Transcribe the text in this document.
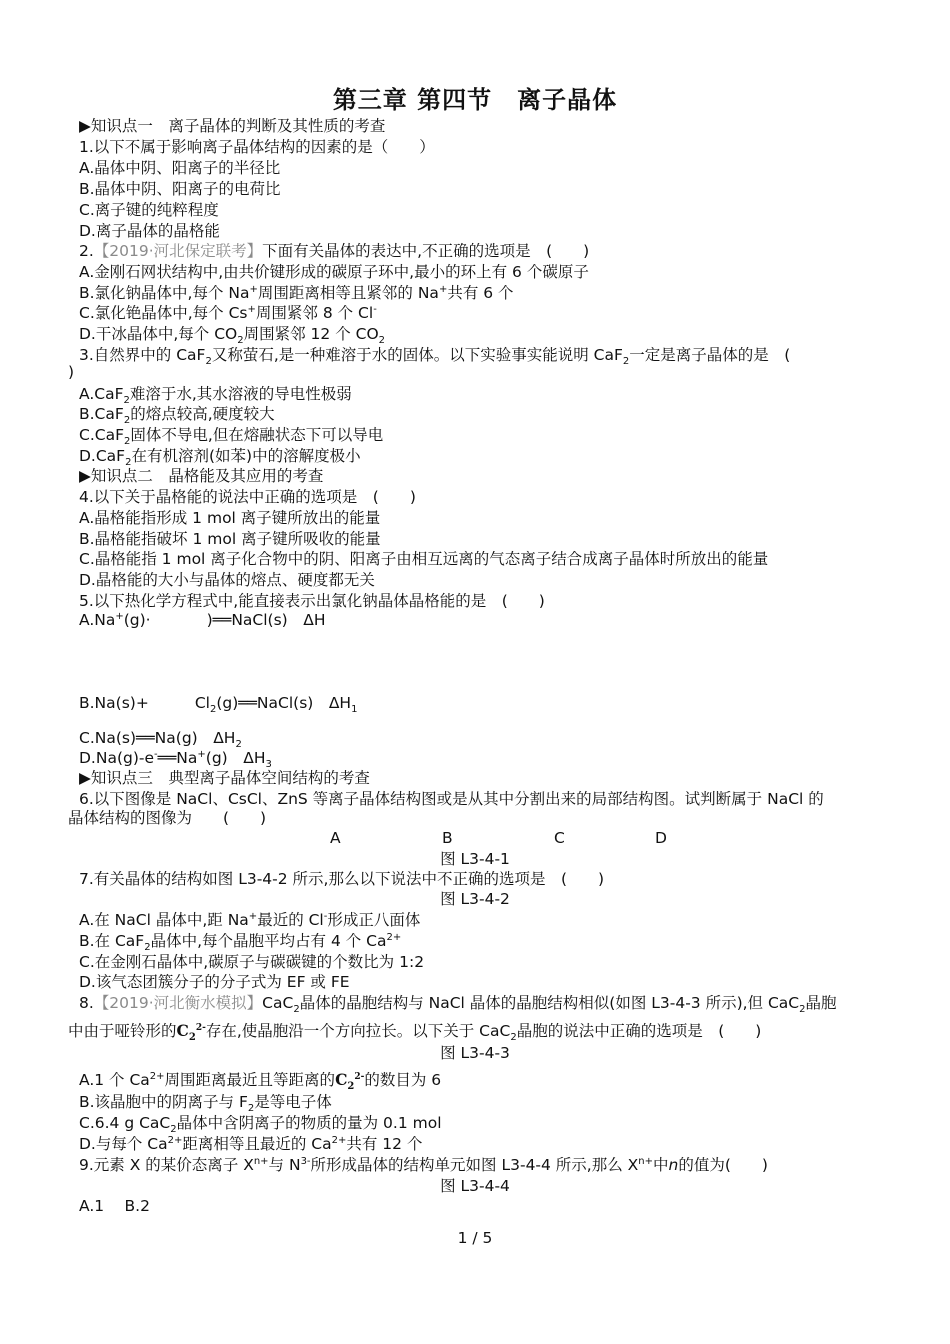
第三章 第四节　离子晶体
▶知识点一　离子晶体的判断及其性质的考查
1.以下不属于影响离子晶体结构的因素的是（　　）
A.晶体中阴、阳离子的半径比
B.晶体中阴、阳离子的电荷比
C.离子键的纯粹程度
D.离子晶体的晶格能
2.【2019·河北保定联考】下面有关晶体的表达中,不正确的选项是　(　　)
A.金刚石网状结构中,由共价键形成的碳原子环中,最小的环上有 6 个碳原子
B.氯化钠晶体中,每个 Na+周围距离相等且紧邻的 Na+共有 6 个
C.氯化铯晶体中,每个 Cs+周围紧邻 8 个 Cl-
D.干冰晶体中,每个 $CO_2$周围紧邻 12 个 $CO_2$
3.自然界中的 CaF$_2$又称萤石,是一种难溶于水的固体。以下实验事实能说明 CaF$_2$一定是离子晶体的是　(
)
A.CaF$_2$难溶于水,其水溶液的导电性极弱
B.CaF$_2$的熔点较高,硬度较大
C.CaF$_2$固体不导电,但在熔融状态下可以导电
D.CaF$_2$在有机溶剂(如苯)中的溶解度极小
▶知识点二　晶格能及其应用的考查
4.以下关于晶格能的说法中正确的选项是　(　　)
A.晶格能指形成 1 mol 离子键所放出的能量
B.晶格能指破坏 1 mol 离子键所吸收的能量
C.晶格能指 1 mol 离子化合物中的阴、阳离子由相互远离的气态离子结合成离子晶体时所放出的能量
D.晶格能的大小与晶体的熔点、硬度都无关
5.以下热化学方程式中,能直接表示出氯化钠晶体晶格能的是　(　　)
A.Na+(g)·	)══NaCl(s)　ΔH
B.Na(s)+	$Cl_2(g)══NaCl(s)$　$\Delta H_1$
C.Na(s)══Na(g)　$\Delta H_2$
D.Na(g)-e-══Na+(g)　$\Delta H_3$
▶知识点三　典型离子晶体空间结构的考查
6.以下图像是 NaCl、CsCl、ZnS 等离子晶体结构图或是从其中分割出来的局部结构图。试判断属于 NaCl 的
晶体结构的图像为　　(　　)
A	B	C	D
图 L3-4-1
7.有关晶体的结构如图 L3-4-2 所示,那么以下说法中不正确的选项是　(　　)
图 L3-4-2
A.在 NaCl 晶体中,距 Na+最近的 Cl-形成正八面体
B.在 CaF$_2$晶体中,每个晶胞平均占有 4 个 $Ca^{2+}$
C.在金刚石晶体中,碳原子与碳碳键的个数比为 1:2
D.该气态团簇分子的分子式为 EF 或 FE
8.【2019·河北衡水模拟】CaC$_2$晶体的晶胞结构与 NaCl 晶体的晶胞结构相似(如图 L3-4-3 所示),但 CaC$_2$晶胞
中由于哑铃形的$C_2^{2-}$存在,使晶胞沿一个方向拉长。以下关于 CaC$_2$晶胞的说法中正确的选项是　(　　)
图 L3-4-3
A.1 个 $Ca^{2+}$周围距离最近且等距离的$C_2^{2-}$的数目为 6
B.该晶胞中的阴离子与 $F_2$是等电子体
C.6.4 g CaC$_2$晶体中含阴离子的物质的量为 0.1 mol
D.与每个 $Ca^{2+}$距离相等且最近的 $Ca^{2+}$共有 12 个
9.元素 X 的某价态离子 $X^{n+}$与 $N^{3-}$所形成晶体的结构单元如图 L3-4-4 所示,那么 $X^{n+}$中n的值为(　　)
图 L3-4-4
A.1　 B.2
1 / 5
